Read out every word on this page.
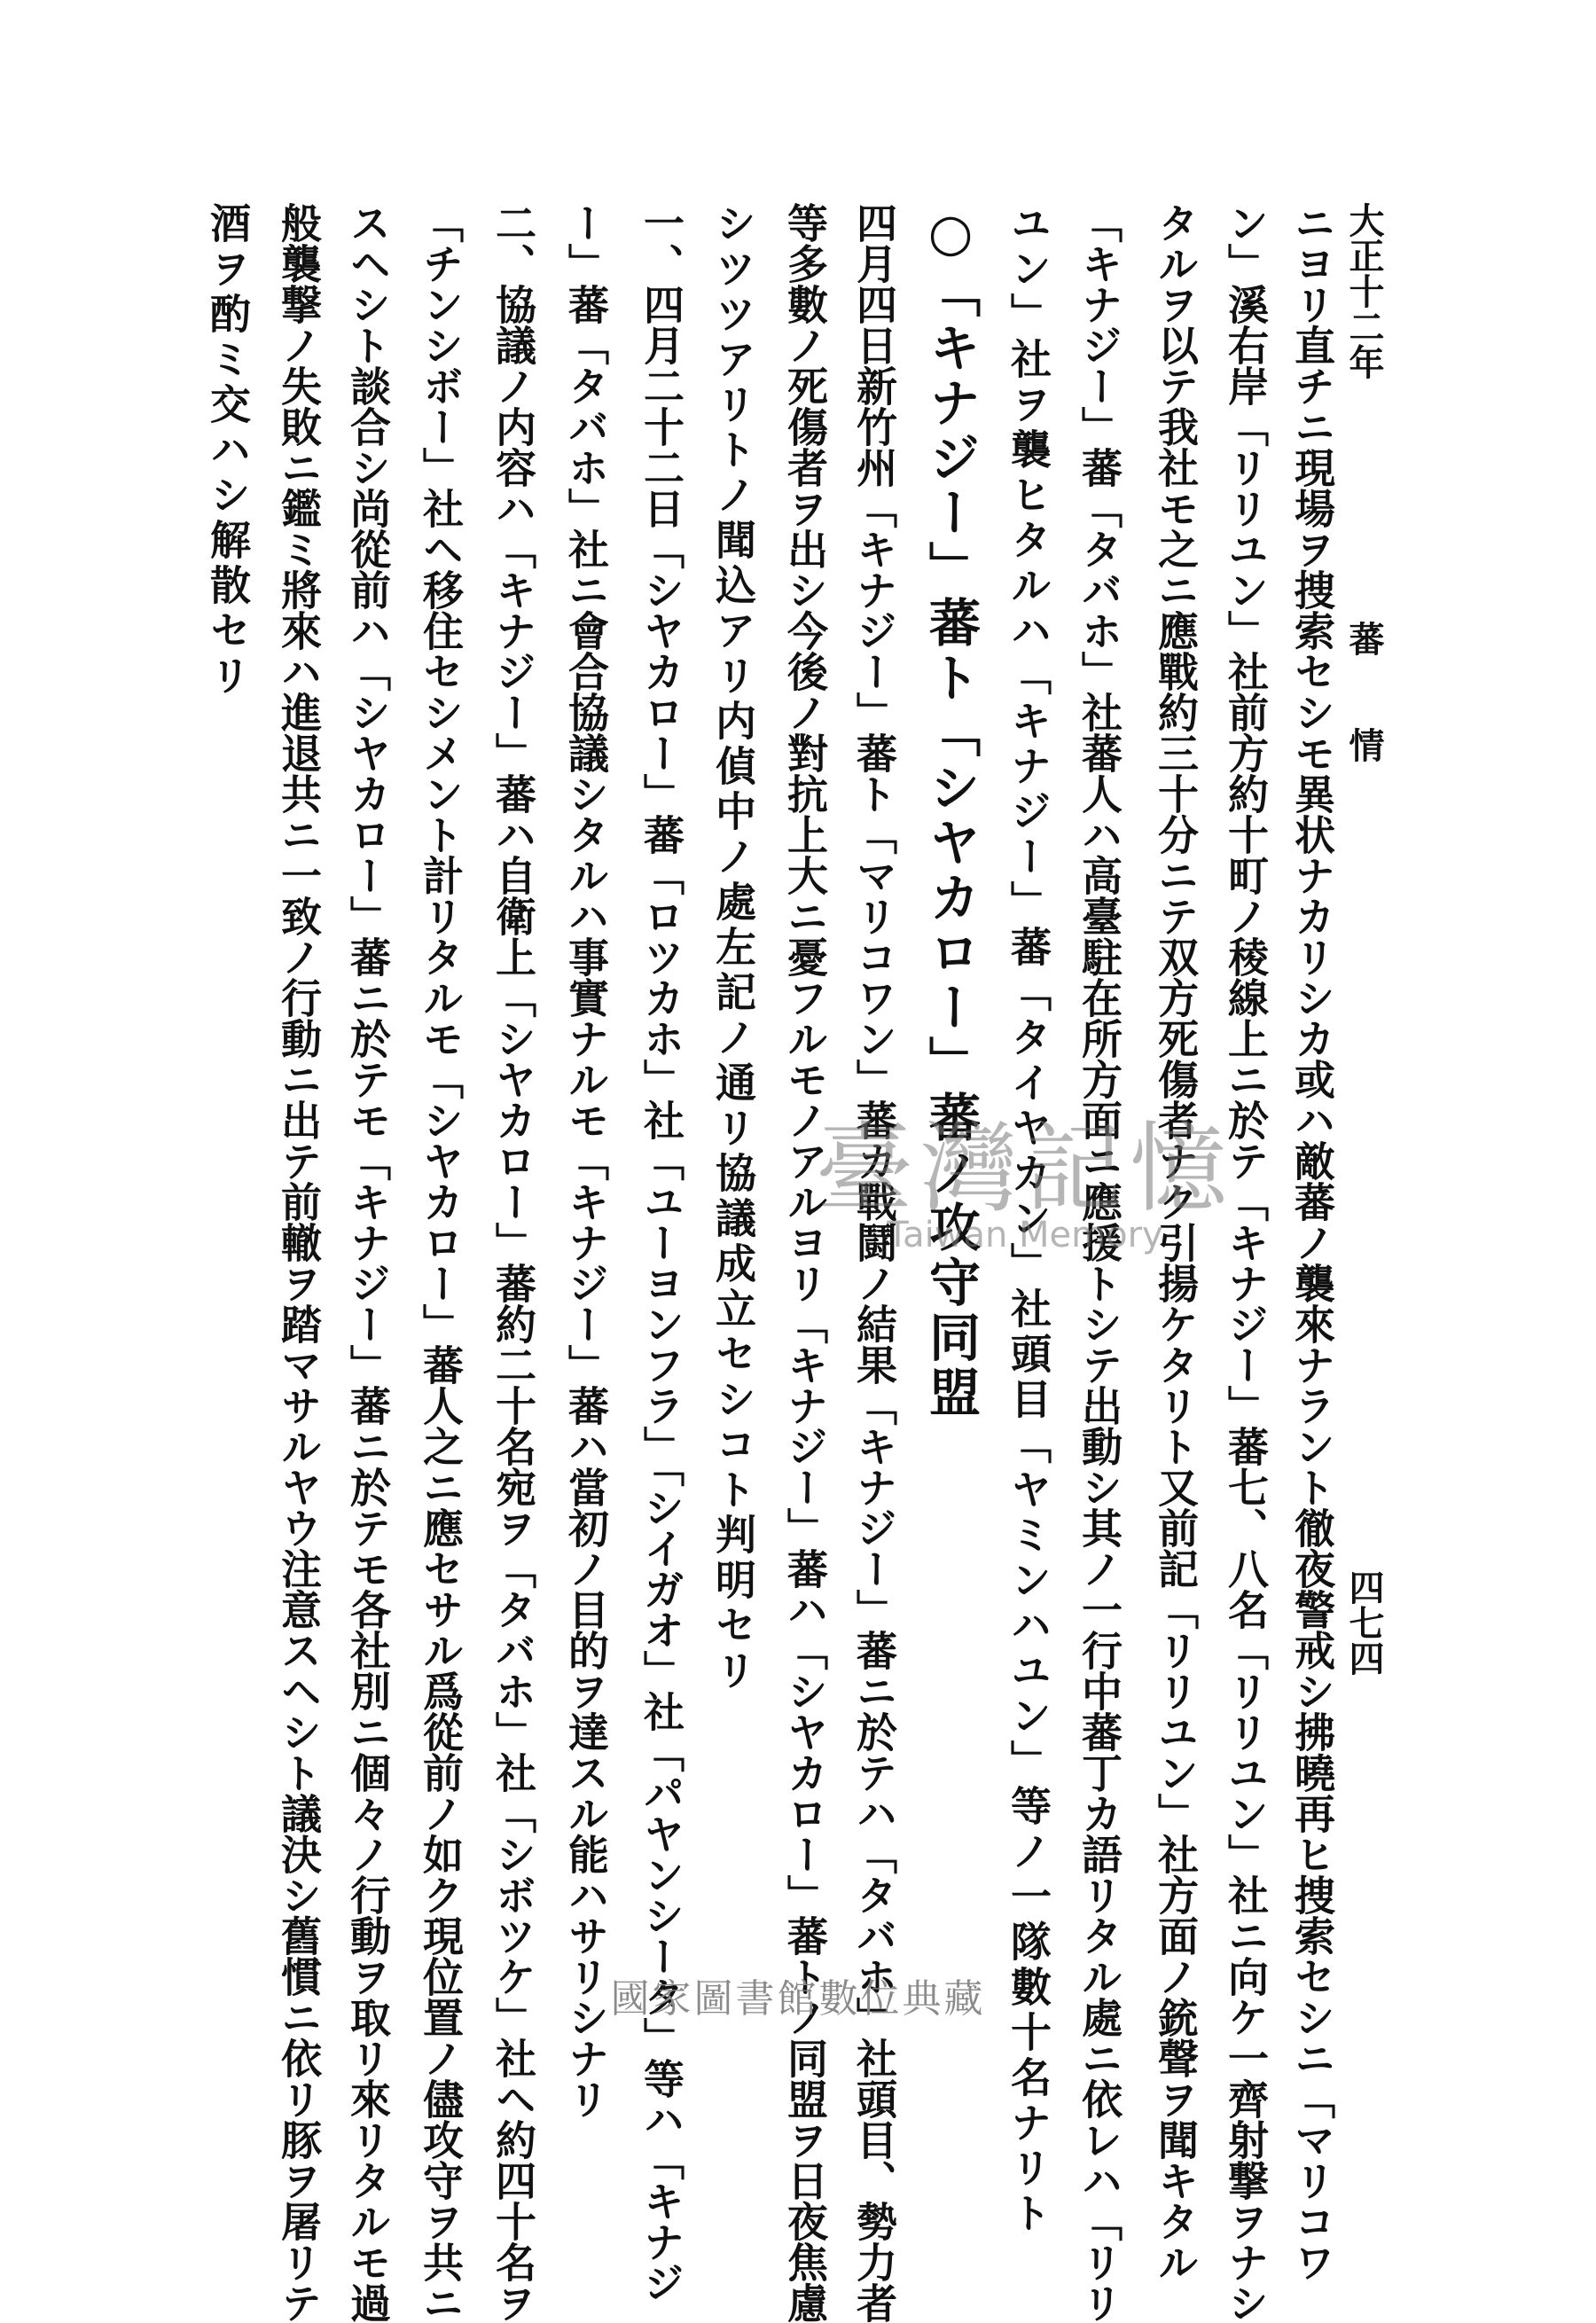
大正十二年
蕃　情
四七四
ニヨリ直チニ現場ヲ捜索セシモ異状ナカリシカ或ハ敵蕃ノ襲來ナラント徹夜警戒シ拂曉再ヒ捜索セシニ「マリコワ
ン」溪右岸「リリユン」社前方約十町ノ稜線上ニ於テ「キナジー」蕃七、八名「リリユン」社ニ向ケ一齊射撃ヲナシ
タルヲ以テ我社モ之ニ應戰約三十分ニテ双方死傷者ナク引揚ケタリト又前記「リリユン」社方面ノ銃聲ヲ聞キタル
「キナジー」蕃「タバホ」社蕃人ハ高臺駐在所方面ニ應援トシテ出動シ其ノ一行中蕃丁カ語リタル處ニ依レハ「リリ
ユン」社ヲ襲ヒタルハ「キナジー」蕃「タイヤカン」社頭目「ヤミンハユン」等ノ一隊數十名ナリト
○「キナジー」蕃ト「シヤカロー」蕃ノ攻守同盟
四月四日新竹州「キナジー」蕃ト「マリコワン」蕃カ戰鬪ノ結果「キナジー」蕃ニ於テハ「タバホ」社頭目、勢力者
等多數ノ死傷者ヲ出シ今後ノ對抗上大ニ憂フルモノアルヨリ「キナジー」蕃ハ「シヤカロー」蕃トノ同盟ヲ日夜焦慮
シツツアリトノ聞込アリ内偵中ノ處左記ノ通リ協議成立セシコト判明セリ
一、四月二十二日「シヤカロー」蕃「ロツカホ」社「ユーヨンフラ」「シイガオ」社「パヤンシータ」等ハ「キナジ
ー」蕃「タバホ」社ニ會合協議シタルハ事實ナルモ「キナジー」蕃ハ當初ノ目的ヲ達スル能ハサリシナリ
二、協議ノ内容ハ「キナジー」蕃ハ自衛上「シヤカロー」蕃約二十名宛ヲ「タバホ」社「シボツケ」社ヘ約四十名ヲ
「チンシボー」社ヘ移住セシメント計リタルモ「シヤカロー」蕃人之ニ應セサル爲從前ノ如ク現位置ノ儘攻守ヲ共ニ
スヘシト談合シ尚從前ハ「シヤカロー」蕃ニ於テモ「キナジー」蕃ニ於テモ各社別ニ個々ノ行動ヲ取リ來リタルモ過
般襲撃ノ失敗ニ鑑ミ將來ハ進退共ニ一致ノ行動ニ出テ前轍ヲ踏マサルヤウ注意スヘシト議決シ舊慣ニ依リ豚ヲ屠リテ
酒ヲ酌ミ交ハシ解散セリ
臺灣記憶
Taiwan Memory
國家圖書館數位典藏
